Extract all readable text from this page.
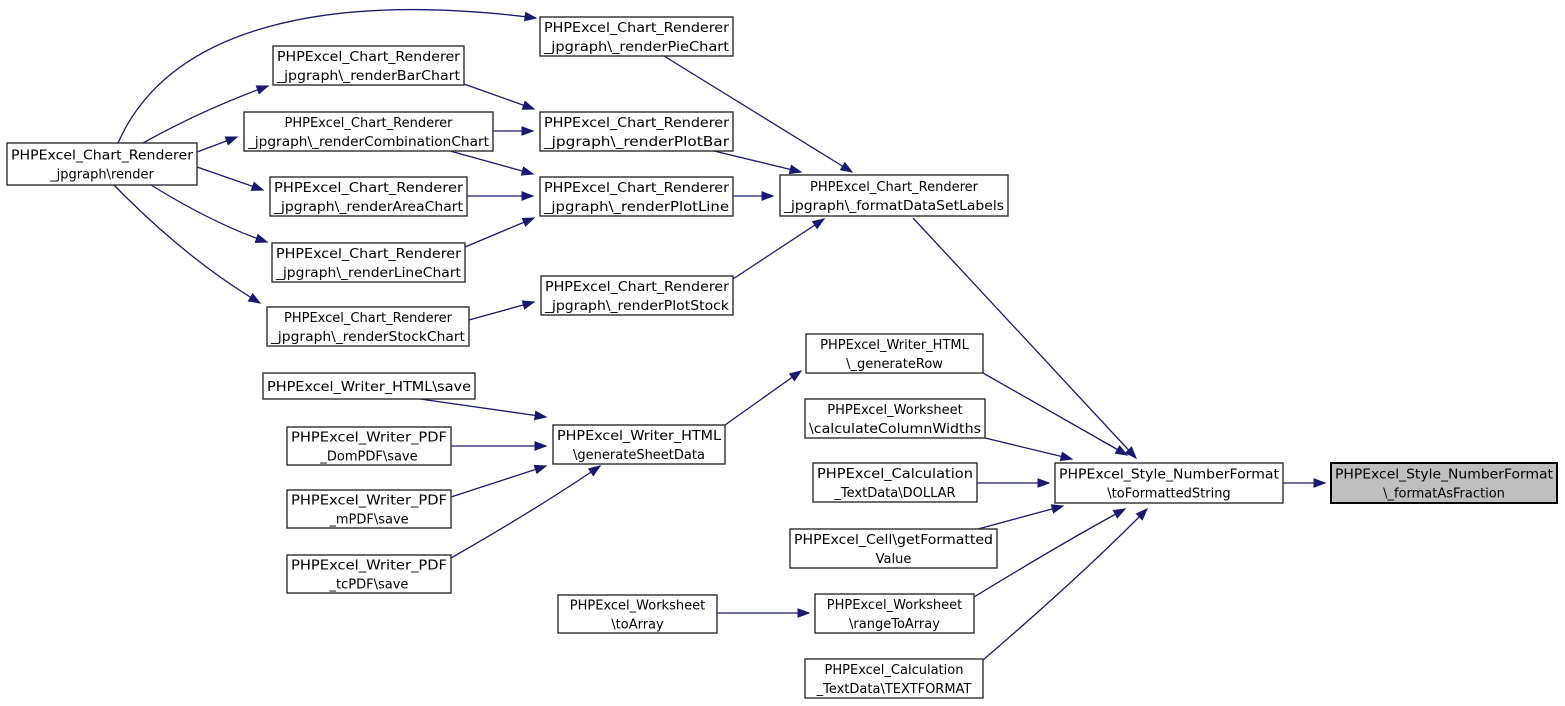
PHPExcel_Chart_Renderer
_jpgraph\render
PHPExcel_Chart_Renderer
_jpgraph\_renderBarChart
PHPExcel_Chart_Renderer
_jpgraph\_renderCombinationChart
PHPExcel_Chart_Renderer
_jpgraph\_renderAreaChart
PHPExcel_Chart_Renderer
_jpgraph\_renderLineChart
PHPExcel_Chart_Renderer
_jpgraph\_renderStockChart
PHPExcel_Chart_Renderer
_jpgraph\_renderPieChart
PHPExcel_Chart_Renderer
_jpgraph\_renderPlotBar
PHPExcel_Chart_Renderer
_jpgraph\_renderPlotLine
PHPExcel_Chart_Renderer
_jpgraph\_renderPlotStock
PHPExcel_Chart_Renderer
_jpgraph\_formatDataSetLabels
PHPExcel_Writer_HTML\save
PHPExcel_Writer_HTML
\generateSheetData
PHPExcel_Writer_PDF
_DomPDF\save
PHPExcel_Writer_PDF
_mPDF\save
PHPExcel_Writer_PDF
_tcPDF\save
PHPExcel_Writer_HTML
\_generateRow
PHPExcel_Worksheet
\calculateColumnWidths
PHPExcel_Calculation
_TextData\DOLLAR
PHPExcel_Cell\getFormatted
Value
PHPExcel_Worksheet
\toArray
PHPExcel_Worksheet
\rangeToArray
PHPExcel_Calculation
_TextData\TEXTFORMAT
PHPExcel_Style_NumberFormat
\toFormattedString
PHPExcel_Style_NumberFormat
\_formatAsFraction
